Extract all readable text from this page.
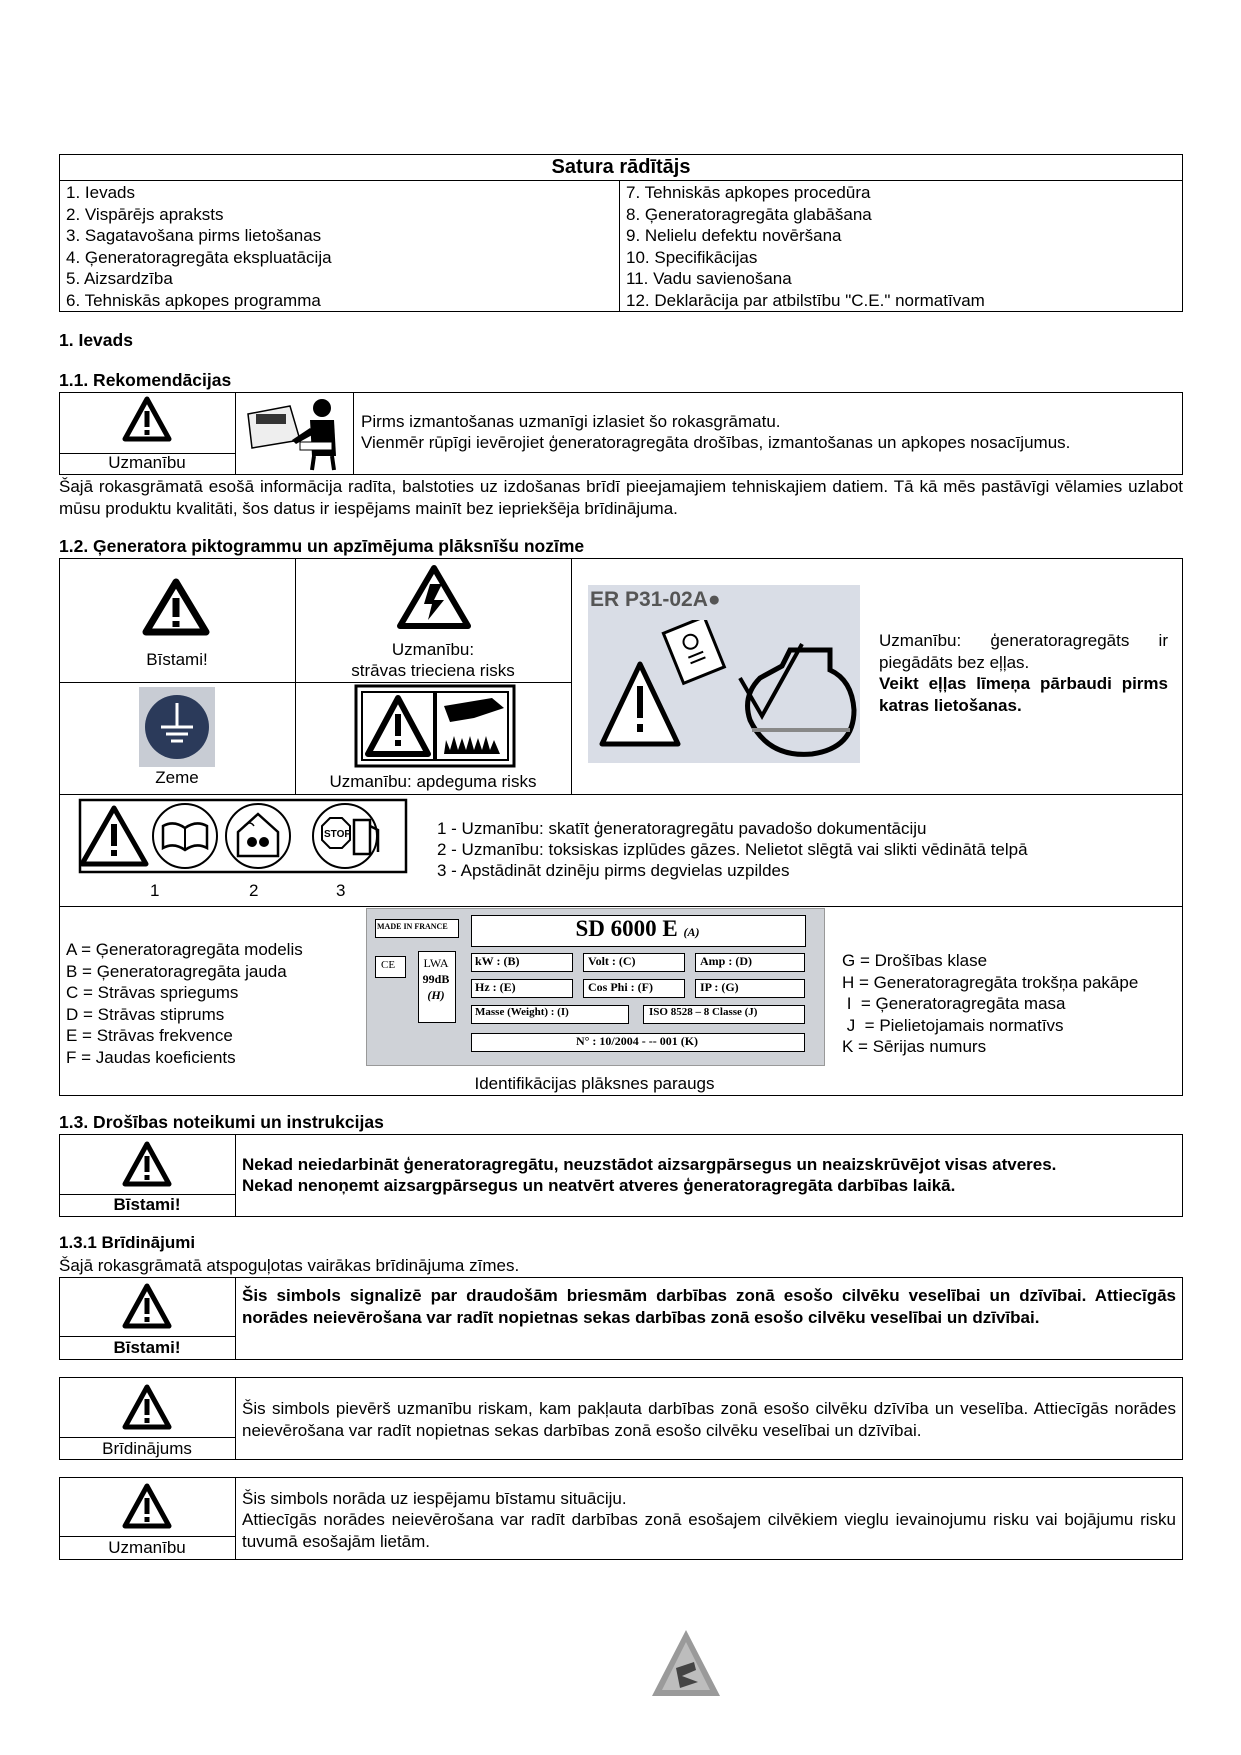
Satura rādītājs
1. Ievads
2. Vispārējs apraksts
3. Sagatavošana pirms lietošanas
4. Ģeneratoragregāta ekspluatācija
5. Aizsardzība
6. Tehniskās apkopes programma
7. Tehniskās apkopes procedūra
8. Ģeneratoragregāta glabāšana
9. Nelielu defektu novēršana
10. Specifikācijas
11. Vadu savienošana
12. Deklarācija par atbilstību "C.E." normatīvam
1. Ievads
1.1. Rekomendācijas
Uzmanību
Pirms izmantošanas uzmanīgi izlasiet šo rokasgrāmatu.
Vienmēr rūpīgi ievērojiet ģeneratoragregāta drošības, izmantošanas un apkopes nosacījumus.
Šajā rokasgrāmatā esošā informācija radīta, balstoties uz izdošanas brīdī pieejamajiem tehniskajiem datiem. Tā kā mēs pastāvīgi vēlamies uzlabot mūsu produktu kvalitāti, šos datus ir iespējams mainīt bez iepriekšēja brīdinājuma.
1.2. Ģeneratora piktogrammu un apzīmējuma plāksnīšu nozīme
Bīstami!
Uzmanību:
strāvas trieciena risks
Zeme	Uzmanību: apdeguma risks
ER P31-02A●
Uzmanību: ģeneratoragregāts ir piegādāts bez eļļas.
Veikt eļļas līmeņa pārbaudi pirms katras lietošanas.
STOP
1	2	3
1 - Uzmanību: skatīt ģeneratoragregātu pavadošo dokumentāciju
2 - Uzmanību: toksiskas izplūdes gāzes. Nelietot slēgtā vai slikti vēdinātā telpā
3 - Apstādināt dzinēju pirms degvielas uzpildes
A = Ģeneratoragregāta modelis
B = Ģeneratoragregāta jauda
C = Strāvas spriegums
D = Strāvas stiprums
E = Strāvas frekvence
F = Jaudas koeficients
MADE IN FRANCE	SD 6000 E (A)
CE	LWA
99dB
(H)
kW : (B)	Volt : (C)	Amp : (D)
Hz : (E)	Cos Phi : (F)	IP : (G)
Masse (Weight) : (I)	ISO 8528 – 8 Classe (J)
N° : 10/2004 - -- 001 (K)
Identifikācijas plāksnes paraugs
G = Drošības klase
H = Generatoragregāta trokšņa pakāpe
I  = Ģeneratoragregāta masa
J  = Pielietojamais normatīvs
K = Sērijas numurs
1.3. Drošības noteikumi un instrukcijas
Bīstami!
Nekad neiedarbināt ģeneratoragregātu, neuzstādot aizsargpārsegus un neaizskrūvējot visas atveres.
Nekad nenoņemt aizsargpārsegus un neatvērt atveres ģeneratoragregāta darbības laikā.
1.3.1 Brīdinājumi
Šajā rokasgrāmatā atspoguļotas vairākas brīdinājuma zīmes.
Bīstami!
Šis simbols signalizē par draudošām briesmām darbības zonā esošo cilvēku veselībai un dzīvībai. Attiecīgās norādes neievērošana var radīt nopietnas sekas darbības zonā esošo cilvēku veselībai un dzīvībai.
Brīdinājums
Šis simbols pievērš uzmanību riskam, kam pakļauta darbības zonā esošo cilvēku dzīvība un veselība. Attiecīgās norādes neievērošana var radīt nopietnas sekas darbības zonā esošo cilvēku veselībai un dzīvībai.
Uzmanību
Šis simbols norāda uz iespējamu bīstamu situāciju.
Attiecīgās norādes neievērošana var radīt darbības zonā esošajem cilvēkiem vieglu ievainojumu risku vai bojājumu risku tuvumā esošajām lietām.
